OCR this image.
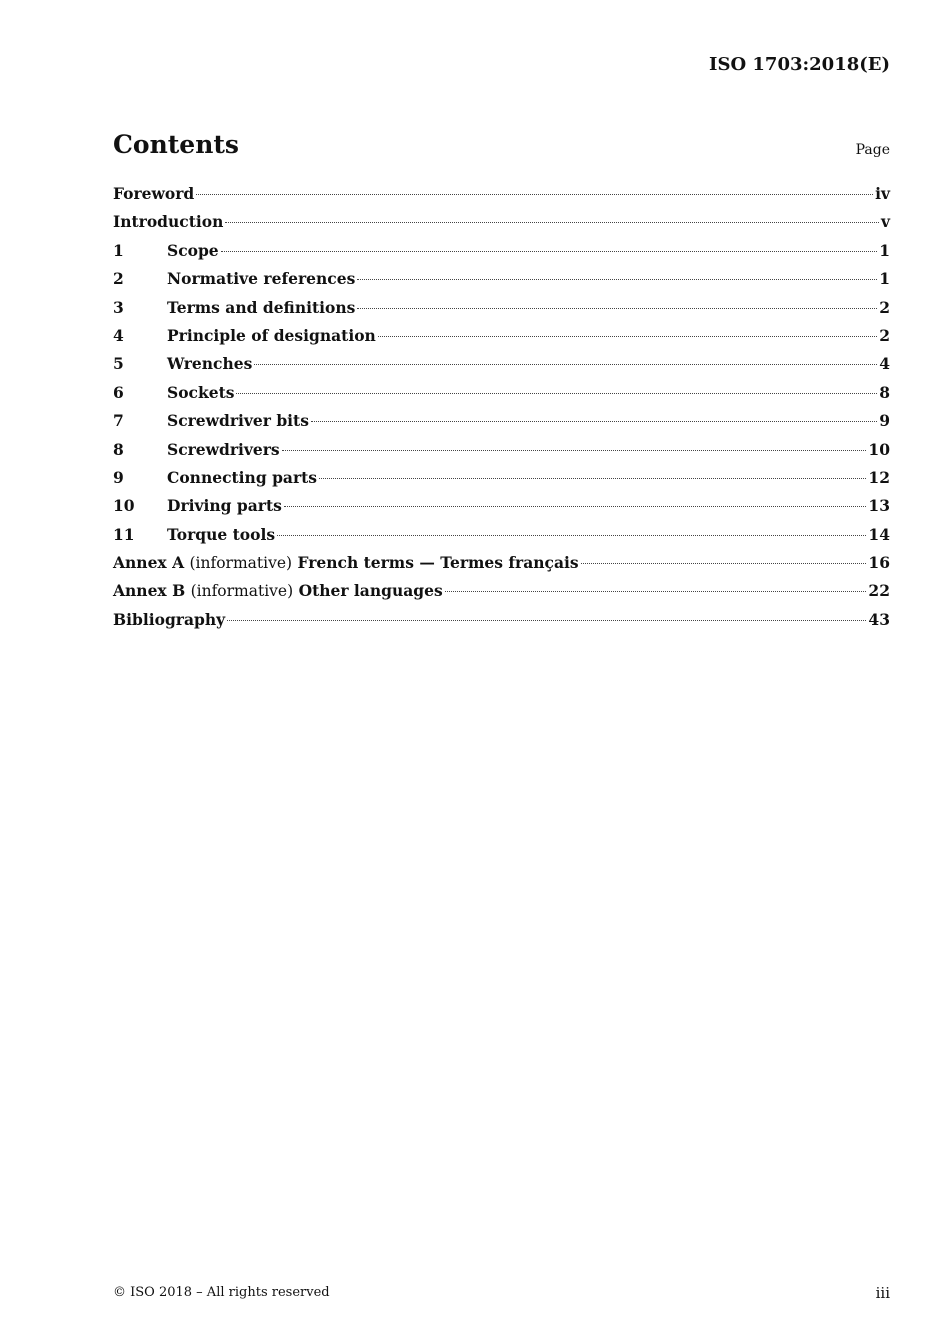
ISO 1703:2018(E)
Contents	Page
Foreword	iv
Introduction	v
1	Scope	1
2	Normative references	1
3	Terms and definitions	2
4	Principle of designation	2
5	Wrenches	4
6	Sockets	8
7	Screwdriver bits	9
8	Screwdrivers	10
9	Connecting parts	12
10	Driving parts	13
11	Torque tools	14
Annex A (informative) French terms — Termes français	16
Annex B (informative) Other languages	22
Bibliography	43
© ISO 2018 – All rights reserved	iii
